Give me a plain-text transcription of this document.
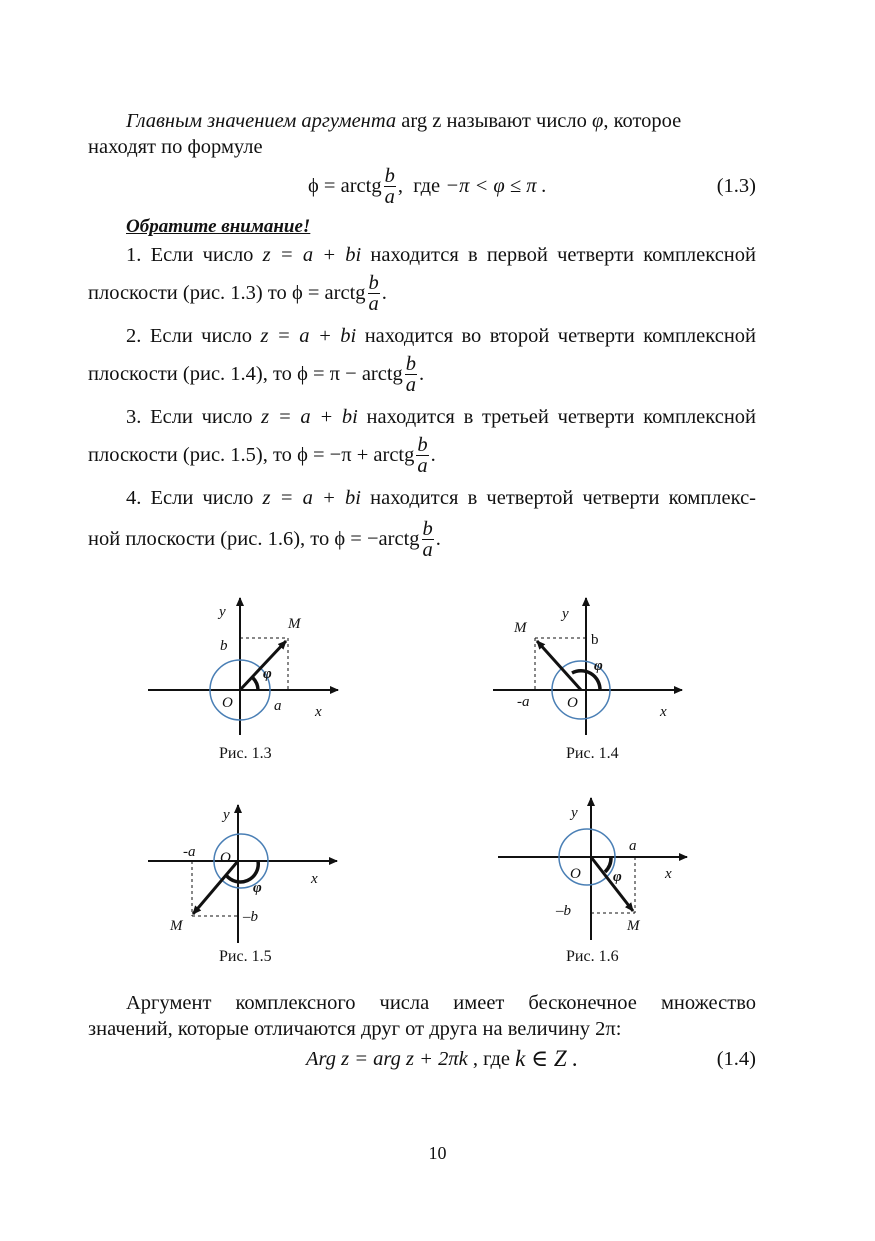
Главным значением аргумента arg z называют число φ, которое
находят по формуле
ϕ = arctg $\frac{b}{a}$ ,  где −π < φ ≤ π .	(1.3)
Обратите внимание!
1. Если число z = a + bi находится в первой четверти комплексной
плоскости (рис. 1.3) то ϕ = arctg $\frac{b}{a}$ .
2. Если число z = a + bi находится во второй четверти комплексной
плоскости (рис. 1.4), то ϕ = π − arctg $\frac{b}{a}$ .
3. Если число z = a + bi находится в третьей четверти комплексной
плоскости (рис. 1.5), то ϕ = −π + arctg $\frac{b}{a}$ .
4. Если число z = a + bi находится в четвертой четверти комплекс-
ной плоскости (рис. 1.6), то ϕ = −arctg $\frac{b}{a}$ .
y
M
b
φ
O	a x
Рис. 1.3
y
M
b
φ
-a	O
x
Рис. 1.4
y
-a O
x
φ
–b
M
Рис. 1.5
y
a
O φ	x
–b
M
Рис. 1.6
Аргумент комплексного числа имеет бесконечное множество
значений, которые отличаются друг от друга на величину 2π:
Arg z = arg z + 2πk , где k ∈ Z .	(1.4)
10
